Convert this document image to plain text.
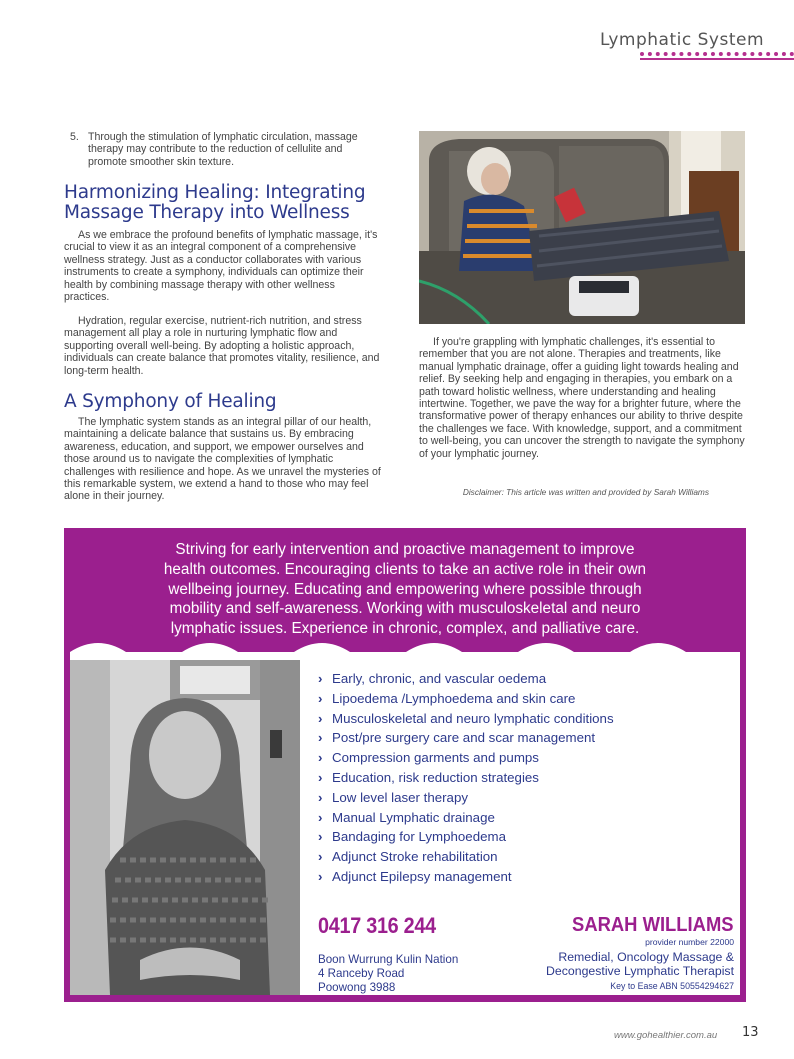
Lymphatic System
5. Through the stimulation of lymphatic circulation, massage therapy may contribute to the reduction of cellulite and promote smoother skin texture.
Harmonizing Healing: Integrating
Massage Therapy into Wellness
As we embrace the profound benefits of lymphatic massage, it's crucial to view it as an integral component of a comprehensive wellness strategy. Just as a conductor collaborates with various instruments to create a symphony, individuals can optimize their health by combining massage therapy with other wellness practices.
Hydration, regular exercise, nutrient-rich nutrition, and stress management all play a role in nurturing lymphatic flow and supporting overall well-being. By adopting a holistic approach, individuals can create balance that promotes vitality, resilience, and long-term health.
A Symphony of Healing
The lymphatic system stands as an integral pillar of our health, maintaining a delicate balance that sustains us. By embracing awareness, education, and support, we empower ourselves and those around us to navigate the complexities of lymphatic challenges with resilience and hope. As we unravel the mysteries of this remarkable system, we extend a hand to those who may feel alone in their journey.
If you're grappling with lymphatic challenges, it's essential to remember that you are not alone. Therapies and treatments, like manual lymphatic drainage, offer a guiding light towards healing and relief. By seeking help and engaging in therapies, you embark on a path toward holistic wellness, where understanding and healing intertwine. Together, we pave the way for a brighter future, where the transformative power of therapy enhances our ability to thrive despite the challenges we face. With knowledge, support, and a commitment to well-being, you can uncover the strength to navigate the symphony of your lymphatic journey.
Disclaimer: This article was written and provided by Sarah Williams
Striving for early intervention and proactive management to improve
health outcomes. Encouraging clients to take an active role in their own
wellbeing journey. Educating and empowering where possible through
mobility and self-awareness. Working with musculoskeletal and neuro
lymphatic issues. Experience in chronic, complex, and palliative care.
› Early, chronic, and vascular oedema
› Lipoedema /Lymphoedema and skin care
› Musculoskeletal and neuro lymphatic conditions
› Post/pre surgery care and scar management
› Compression garments and pumps
› Education, risk reduction strategies
› Low level laser therapy
› Manual Lymphatic drainage
› Bandaging for Lymphoedema
› Adjunct Stroke rehabilitation
› Adjunct Epilepsy management
0417 316 244
Boon Wurrung Kulin Nation
4 Ranceby Road
Poowong 3988
SARAH WILLIAMS
provider number 22000
Remedial, Oncology Massage &
Decongestive Lymphatic Therapist
Key to Ease ABN 50554294627
www.gohealthier.com.au 13
